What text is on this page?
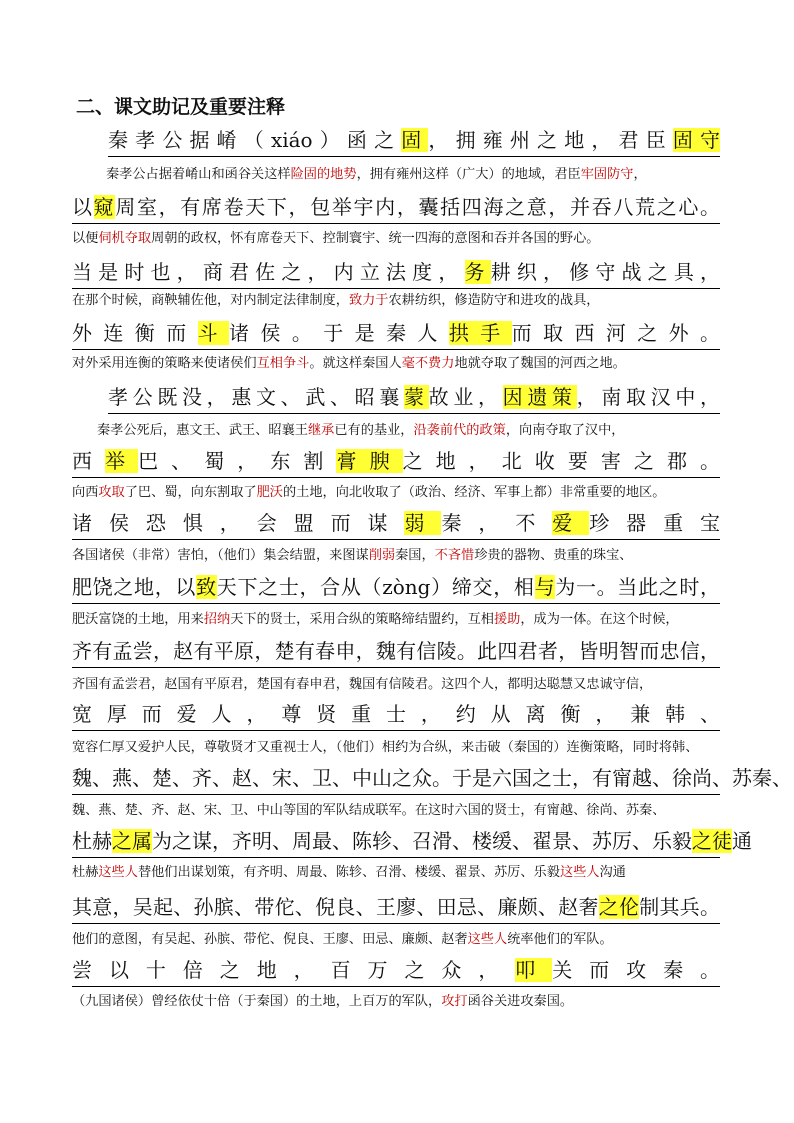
二、课文助记及重要注释
秦孝公据崤（xiáo）函之固，拥雍州之地，君臣固守
秦孝公占据着崤山和函谷关这样险固的地势，拥有雍州这样（广大）的地域，君臣牢固防守，
以窥周室，有席卷天下，包举宇内，囊括四海之意，并吞八荒之心。
以便伺机夺取周朝的政权，怀有席卷天下、控制寰宇、统一四海的意图和吞并各国的野心。
当是时也，商君佐之，内立法度，务耕织，修守战之具，
在那个时候，商鞅辅佐他，对内制定法律制度，致力于农耕纺织，修造防守和进攻的战具，
外连衡而斗诸侯。于是秦人拱手而取西河之外。
对外采用连衡的策略来使诸侯们互相争斗。就这样秦国人毫不费力地就夺取了魏国的河西之地。
孝公既没，惠文、武、昭襄蒙故业，因遗策，南取汉中，
秦孝公死后，惠文王、武王、昭襄王继承已有的基业，沿袭前代的政策，向南夺取了汉中，
西举巴、蜀，东割膏腴之地，北收要害之郡。
向西攻取了巴、蜀，向东割取了肥沃的土地，向北收取了（政治、经济、军事上都）非常重要的地区。
诸侯恐惧，会盟而谋弱秦，不爱珍器重宝
各国诸侯（非常）害怕，（他们）集会结盟，来图谋削弱秦国，不吝惜珍贵的器物、贵重的珠宝、
肥饶之地，以致天下之士，合从（zòng）缔交，相与为一。当此之时，
肥沃富饶的土地，用来招纳天下的贤士，采用合纵的策略缔结盟约，互相援助，成为一体。在这个时候，
齐有孟尝，赵有平原，楚有春申，魏有信陵。此四君者，皆明智而忠信，
齐国有孟尝君，赵国有平原君，楚国有春申君，魏国有信陵君。这四个人，都明达聪慧又忠诚守信，
宽厚而爱人，尊贤重士，约从离衡，兼韩、
宽容仁厚又爱护人民，尊敬贤才又重视士人，（他们）相约为合纵，来击破（秦国的）连衡策略，同时将韩、
魏、燕、楚、齐、赵、宋、卫、中山之众。于是六国之士，有甯越、徐尚、苏秦、
魏、燕、楚、齐、赵、宋、卫、中山等国的军队结成联军。在这时六国的贤士，有甯越、徐尚、苏秦、
杜赫之属为之谋，齐明、周最、陈轸、召滑、楼缓、翟景、苏厉、乐毅之徒通
杜赫这些人替他们出谋划策，有齐明、周最、陈轸、召滑、楼缓、翟景、苏厉、乐毅这些人沟通
其意，吴起、孙膑、带佗、倪良、王廖、田忌、廉颇、赵奢之伦制其兵。
他们的意图，有吴起、孙膑、带佗、倪良、王廖、田忌、廉颇、赵奢这些人统率他们的军队。
尝以十倍之地，百万之众，叩关而攻秦。
（九国诸侯）曾经依仗十倍（于秦国）的土地，上百万的军队，攻打函谷关进攻秦国。
